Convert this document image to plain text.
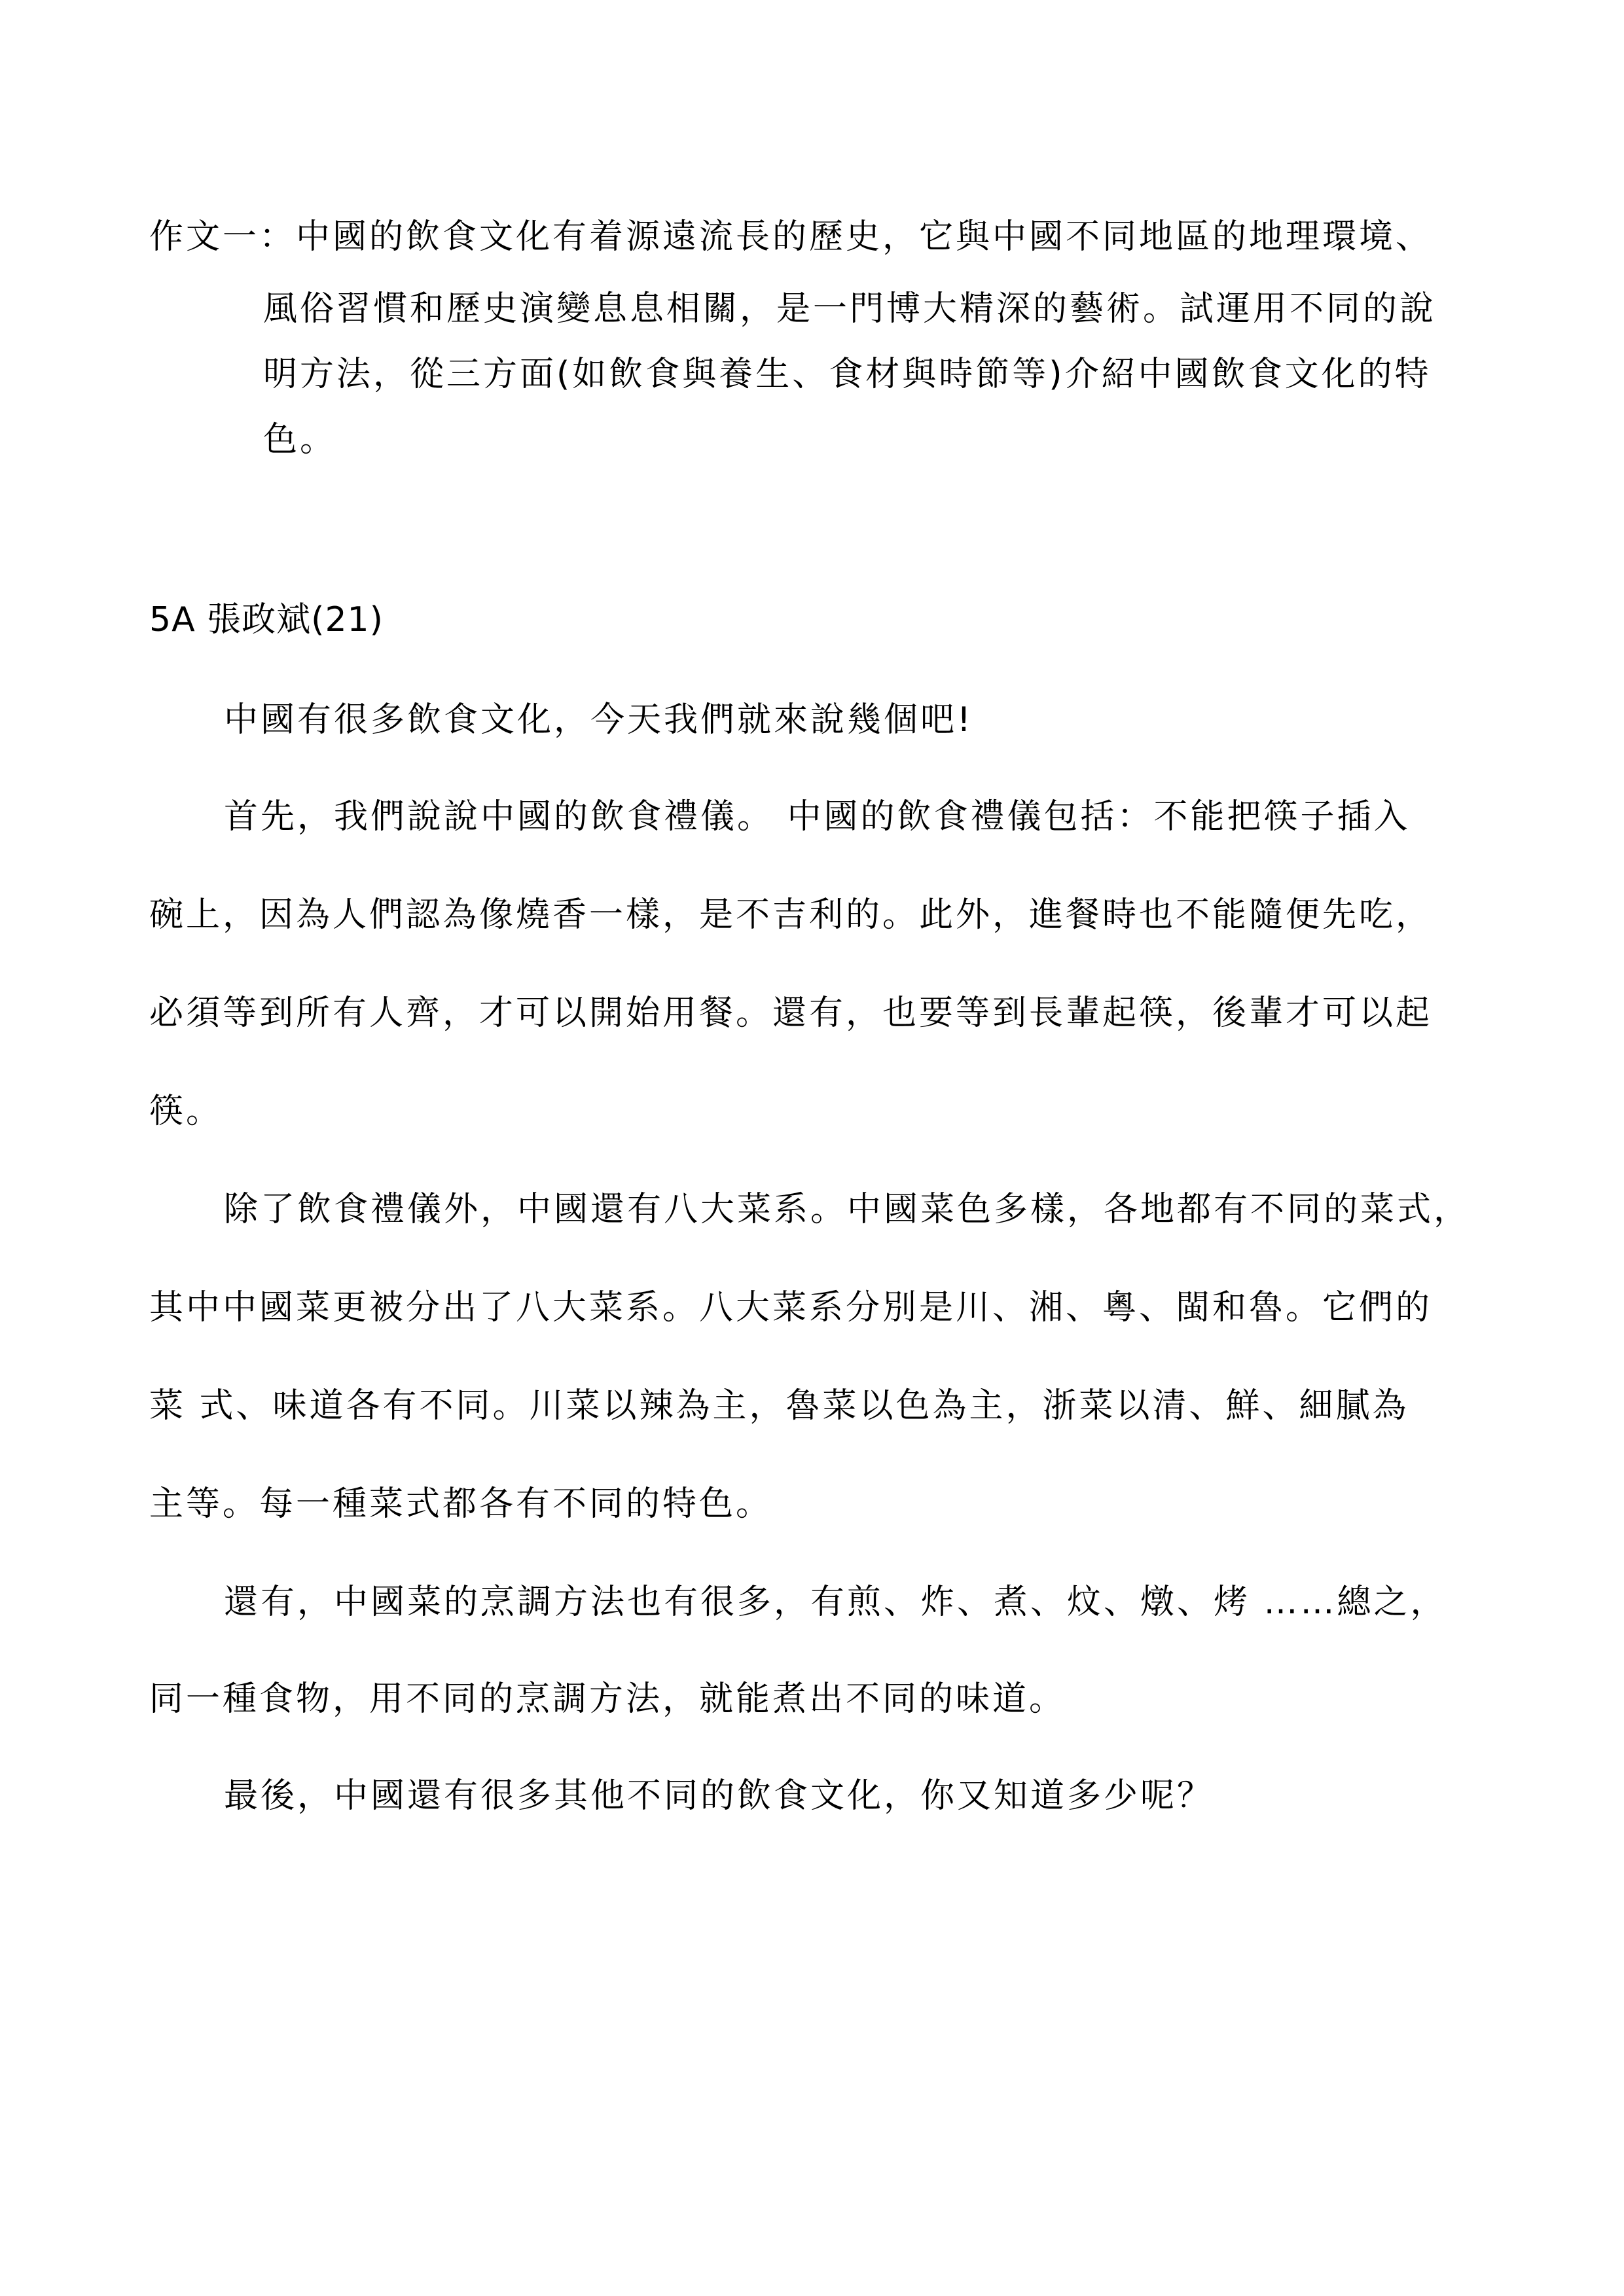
作文一：中國的飲食文化有着源遠流長的歷史，它與中國不同地區的地理環境、
風俗習慣和歷史演變息息相關，是一門博大精深的藝術。試運用不同的說
明方法，從三方面(如飲食與養生、食材與時節等)介紹中國飲食文化的特
色。
5A 張政斌(21)
中國有很多飲食文化，今天我們就來說幾個吧!
首先，我們說說中國的飲食禮儀。 中國的飲食禮儀包括：不能把筷子插入
碗上，因為人們認為像燒香一樣，是不吉利的。此外，進餐時也不能隨便先吃，
必須等到所有人齊，才可以開始用餐。還有，也要等到長輩起筷，後輩才可以起
筷。
除了飲食禮儀外，中國還有八大菜系。中國菜色多樣，各地都有不同的菜式，
其中中國菜更被分出了八大菜系。八大菜系分別是川、湘、粵、閩和魯。它們的
菜 式、味道各有不同。川菜以辣為主，魯菜以色為主，浙菜以清、鮮、細膩為
主等。每一種菜式都各有不同的特色。
還有，中國菜的烹調方法也有很多，有煎、炸、煮、炆、燉、烤 ……總之，
同一種食物，用不同的烹調方法，就能煮出不同的味道。
最後，中國還有很多其他不同的飲食文化，你又知道多少呢？
